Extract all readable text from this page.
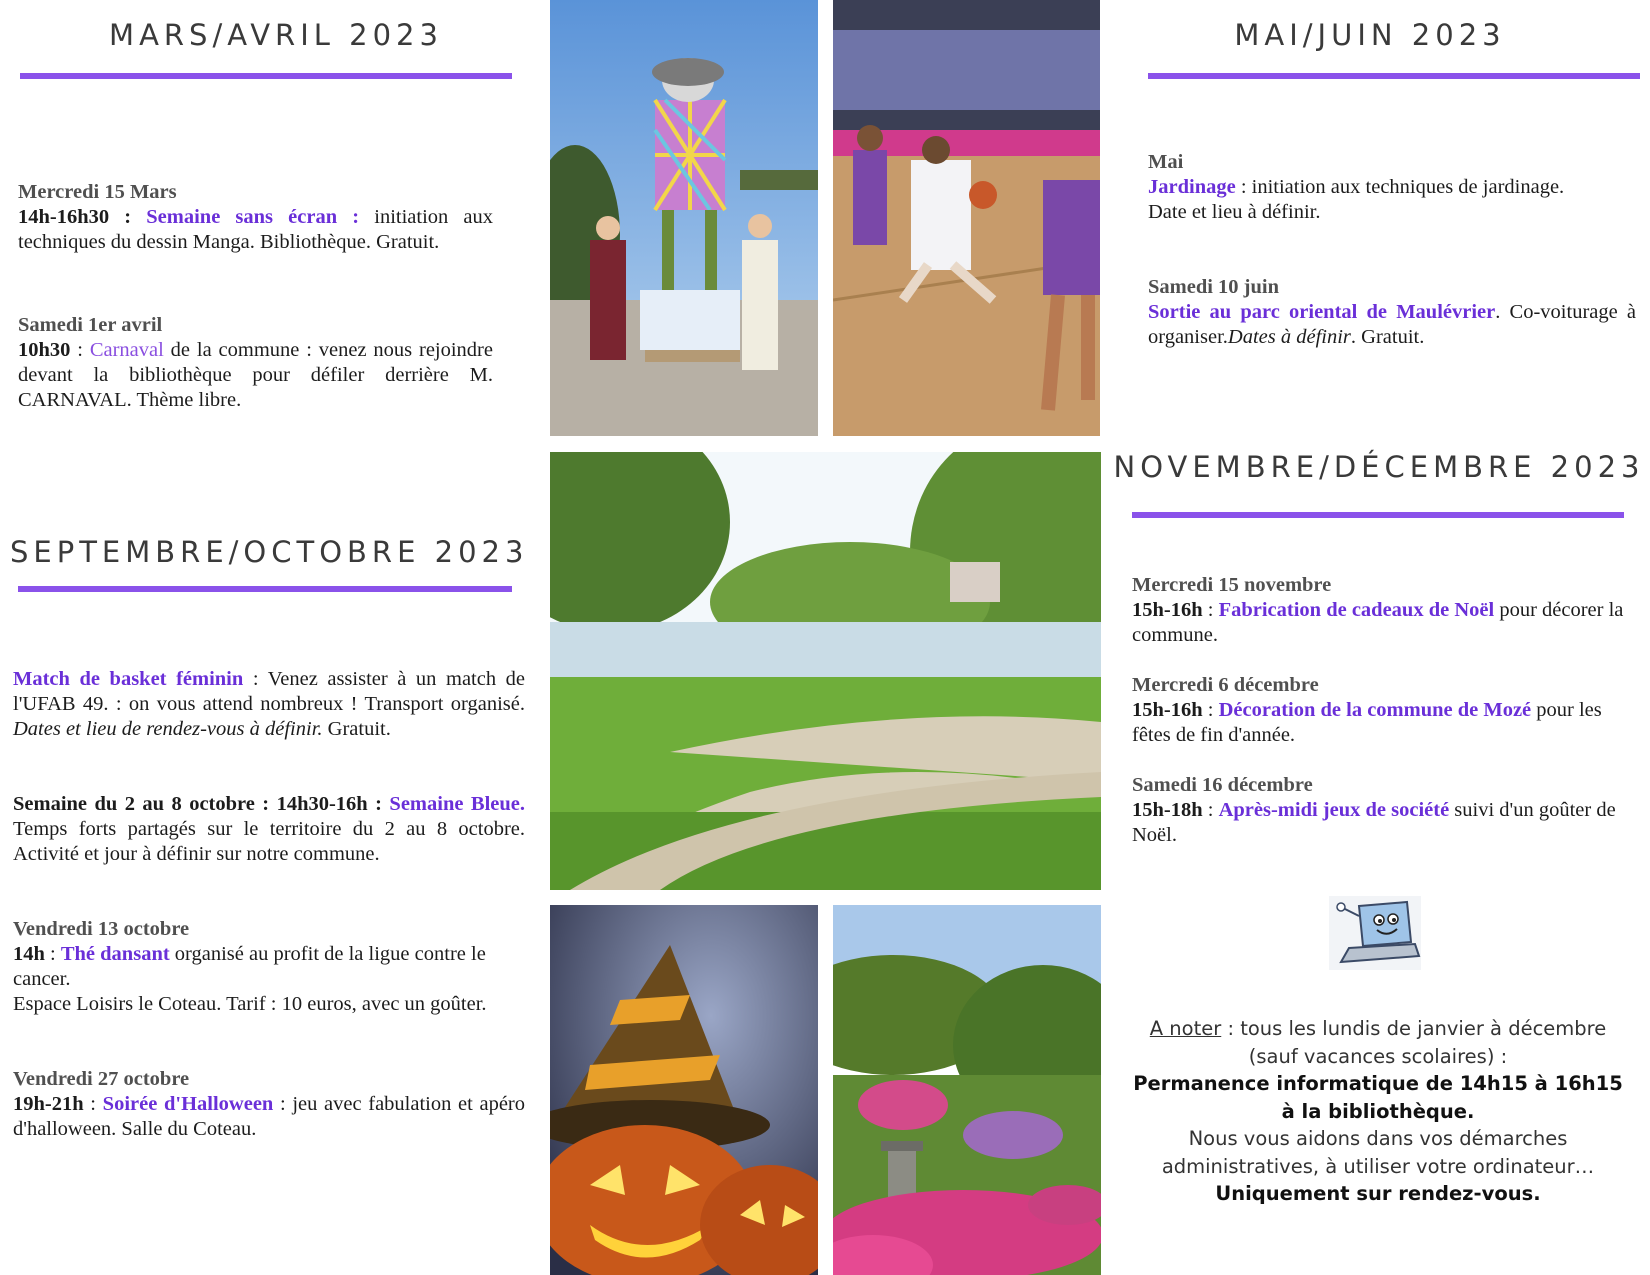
MARS/AVRIL 2023
Mercredi 15 Mars
14h-16h30 : Semaine sans écran : initiation aux techniques du dessin Manga. Bibliothèque. Gratuit.
Samedi 1er avril
10h30 : Carnaval de la commune : venez nous rejoindre devant la bibliothèque pour défiler derrière M. CARNAVAL. Thème libre.
MAI/JUIN 2023
Mai
Jardinage : initiation aux techniques de jardinage.
Date et lieu à définir.
Samedi 10 juin
Sortie au parc oriental de Maulévrier. Co-voiturage à organiser.Dates à définir. Gratuit.
SEPTEMBRE/OCTOBRE 2023
Match de basket féminin : Venez assister à un match de l'UFAB 49. : on vous attend nombreux ! Transport organisé. Dates et lieu de rendez-vous à définir. Gratuit.
Semaine du 2 au 8 octobre : 14h30-16h : Semaine Bleue. Temps forts partagés sur le territoire du 2 au 8 octobre. Activité et jour à définir sur notre commune.
Vendredi 13 octobre
14h : Thé dansant organisé au profit de la ligue contre le cancer.
Espace Loisirs le Coteau. Tarif : 10 euros, avec un goûter.
Vendredi 27 octobre
19h-21h : Soirée d'Halloween : jeu avec fabulation et apéro d'halloween. Salle du Coteau.
NOVEMBRE/DÉCEMBRE 2023
Mercredi 15 novembre
15h-16h : Fabrication de cadeaux de Noël pour décorer la commune.
Mercredi 6 décembre
15h-16h : Décoration de la commune de Mozé pour les fêtes de fin d'année.
Samedi 16 décembre
15h-18h : Après-midi jeux de société suivi d'un goûter de Noël.
A noter : tous les lundis de janvier à décembre
(sauf vacances scolaires) :
Permanence informatique de 14h15 à 16h15
à la bibliothèque.
Nous vous aidons dans vos démarches administratives, à utiliser votre ordinateur…
Uniquement sur rendez-vous.
